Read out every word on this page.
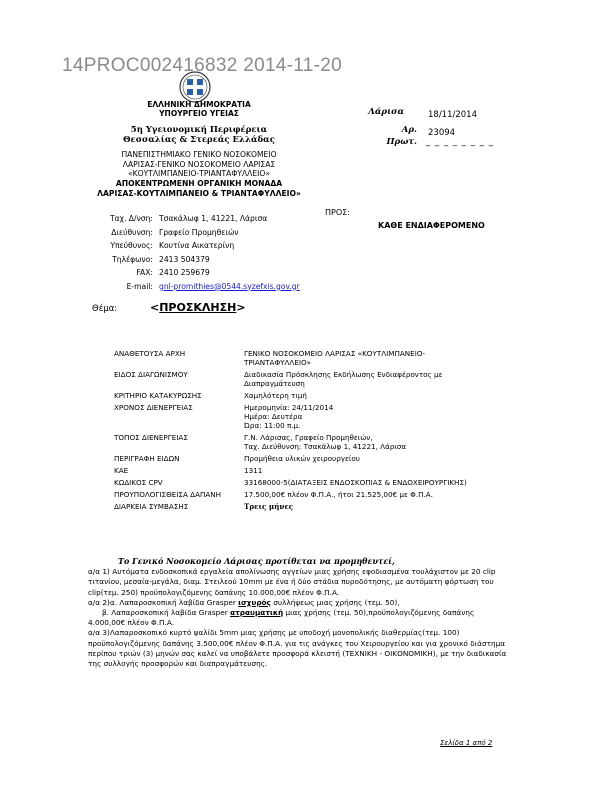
14PROC002416832 2014-11-20
ΕΛΛΗΝΙΚΗ ΔΗΜΟΚΡΑΤΙΑ
ΥΠΟΥΡΓΕΙΟ ΥΓΕΙΑΣ
5η Υγειονομική Περιφέρεια
Θεσσαλίας & Στερεάς Ελλάδας
ΠΑΝΕΠΙΣΤΗΜΙΑΚΟ ΓΕΝΙΚΟ ΝΟΣΟΚΟΜΕΙΟ
ΛΑΡΙΣΑΣ-ΓΕΝΙΚΟ ΝΟΣΟΚΟΜΕΙΟ ΛΑΡΙΣΑΣ
«ΚΟΥΤΛΙΜΠΑΝΕΙΟ-ΤΡΙΑΝΤΑΦΥΛΛΕΙΟ»
ΑΠΟΚΕΝΤΡΩΜΕΝΗ ΟΡΓΑΝΙΚΗ ΜΟΝΑΔΑ
ΛΑΡΙΣΑΣ-ΚΟΥΤΛΙΜΠΑΝΕΙΟ & ΤΡΙΑΝΤΑΦΥΛΛΕΙΟ»
Λάρισα	18/11/2014
Αρ. 23094
Πρωτ. _ _ _ _ _ _ _ _
Ταχ. Δ/νση: Τσακάλωφ 1, 41221, Λάρισα
Διεύθυνση: Γραφείο Προμηθειών
Υπεύθυνος: Κουτίνα Αικατερίνη
Τηλέφωνο: 2413 504379
FAX: 2410 259679
E-mail: gnl-promithies@0544.syzefxis.gov.gr
ΠΡΟΣ:
ΚΑΘΕ ΕΝΔΙΑΦΕΡΟΜΕΝΟ
Θέμα:	<ΠΡΟΣΚΛΗΣΗ>
ΑΝΑΘΕΤΟΥΣΑ ΑΡΧΗ	ΓΕΝΙΚΟ ΝΟΣΟΚΟΜΕΙΟ ΛΑΡΙΣΑΣ «ΚΟΥΤΛΙΜΠΑΝΕΙΟ-
ΤΡΙΑΝΤΑΦΥΛΛΕΙΟ»

ΕΙΔΟΣ ΔΙΑΓΩΝΙΣΜΟΥ	Διαδικασία Πρόσκλησης Εκδήλωσης Ενδιαφέροντος με
Διαπραγμάτευση

ΚΡΙΤΗΡΙΟ ΚΑΤΑΚΥΡΩΣΗΣ	Χαμηλότερη τιμή

ΧΡΟΝΟΣ ΔΙΕΝΕΡΓΕΙΑΣ	Ημερομηνία: 24/11/2014
Ημέρα: Δευτέρα
Ώρα: 11:00 π.μ.

ΤΟΠΟΣ ΔΙΕΝΕΡΓΕΙΑΣ	Γ.Ν. Λάρισας, Γραφείο Προμηθειών,
Ταχ. Διεύθυνση: Τσακάλωφ 1, 41221, Λάρισα

ΠΕΡΙΓΡΑΦΗ ΕΙΔΩΝ	Προμήθεια υλικών χειρουργείου

ΚΑΕ	1311

ΚΩΔΙΚΟΣ CPV	33168000-5(ΔΙΑΤΑΞΕΙΣ ΕΝΔΟΣΚΟΠΙΑΣ & ΕΝΔΟΧΕΙΡΟΥΡΓΙΚΗΣ)

ΠΡΟΥΠΟΛΟΓΙΣΘΕΙΣΑ ΔΑΠΑΝΗ	17.500,00€ πλέον Φ.Π.Α., ήτοι 21.525,00€ με Φ.Π.Α.

ΔΙΑΡΚΕΙΑ ΣΥΜΒΑΣΗΣ	Τρεις μήνες

Το Γενικό Νοσοκομείο Λάρισας προτίθεται να προμηθευτεί,

α/α 1) Αυτόματα ενδοσκοπικά εργαλεία απολίνωσης αγγείων μιας χρήσης εφοδιασμένα τουλάχιστον με 20 clip τιτανίου, μεσαία-μεγάλα, διαμ. Στειλεού 10mm με ένα ή δύο στάδια πυροδότησης, με αυτόματη φόρτωση του clip(τεμ. 250) προϋπολογιζόμενης δαπάνης 10.000,00€ πλέον Φ.Π.Α.

α/α 2)α. Λαπαροσκοπική λαβίδα Grasper ισχυρός συλλήψεως μιας χρήσης (τεμ. 50),

β. Λαπαροσκοπική λαβίδα Grasper ατραυματική μιας χρήσης (τεμ. 50),προϋπολογιζόμενης δαπάνης 4.000,00€ πλέον Φ.Π.Α.

α/α 3)Λαπαροσκοπικό κυρτό ψαλίδι 5mm μιας χρήσης με υποδοχή μονοπολικής διαθερμίας(τεμ. 100) προϋπολογιζόμενης δαπάνης 3.500,00€ πλέον Φ.Π.Α. για τις ανάγκες του Χειρουργείου και για χρονικό διάστημα περίπου τριών (3) μηνών σας καλεί να υποβάλετε προσφορά κλειστή (ΤΕΧΝΙΚΗ - ΟΙΚΟΝΟΜΙΚΗ), με την διαδικασία της συλλογής προσφορών και διαπραγμάτευσης.

Σελίδα 1 από 2
